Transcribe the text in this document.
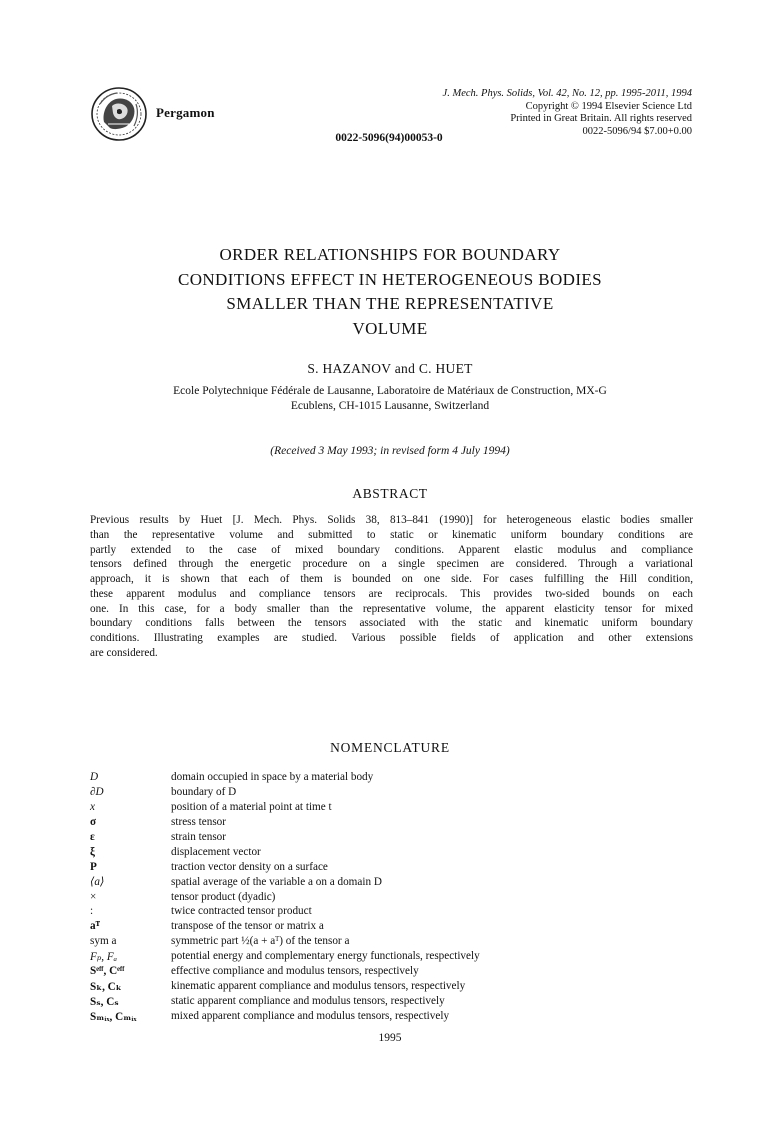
Pergamon
J. Mech. Phys. Solids, Vol. 42, No. 12, pp. 1995-2011, 1994
Copyright © 1994 Elsevier Science Ltd
Printed in Great Britain. All rights reserved
0022-5096/94 $7.00+0.00
0022-5096(94)00053-0
ORDER RELATIONSHIPS FOR BOUNDARY
CONDITIONS EFFECT IN HETEROGENEOUS BODIES
SMALLER THAN THE REPRESENTATIVE
VOLUME
S. HAZANOV and C. HUET
Ecole Polytechnique Fédérale de Lausanne, Laboratoire de Matériaux de Construction, MX-G
Ecublens, CH-1015 Lausanne, Switzerland
(Received 3 May 1993; in revised form 4 July 1994)
ABSTRACT
Previous results by Huet [J. Mech. Phys. Solids 38, 813–841 (1990)] for heterogeneous elastic bodies smaller
than the representative volume and submitted to static or kinematic uniform boundary conditions are
partly extended to the case of mixed boundary conditions. Apparent elastic modulus and compliance
tensors defined through the energetic procedure on a single specimen are considered. Through a variational
approach, it is shown that each of them is bounded on one side. For cases fulfilling the Hill condition,
these apparent modulus and compliance tensors are reciprocals. This provides two-sided bounds on each
one. In this case, for a body smaller than the representative volume, the apparent elasticity tensor for mixed
boundary conditions falls between the tensors associated with the static and kinematic uniform boundary
conditions. Illustrating examples are studied. Various possible fields of application and other extensions
are considered.
NOMENCLATURE
D	domain occupied in space by a material body
∂D	boundary of D
x	position of a material point at time t
σ	stress tensor
ε	strain tensor
ξ	displacement vector
P	traction vector density on a surface
⟨a⟩	spatial average of the variable a on a domain D
×	tensor product (dyadic)
:	twice contracted tensor product
aᵀ	transpose of the tensor or matrix a
sym a	symmetric part ½(a + aᵀ) of the tensor a
Fₚ, Fₐ	potential energy and complementary energy functionals, respectively
Sᵉᶠᶠ, Cᵉᶠᶠ	effective compliance and modulus tensors, respectively
Sₖ, Cₖ	kinematic apparent compliance and modulus tensors, respectively
Sₛ, Cₛ	static apparent compliance and modulus tensors, respectively
Sₘᵢₓ, Cₘᵢₓ	mixed apparent compliance and modulus tensors, respectively
1995
